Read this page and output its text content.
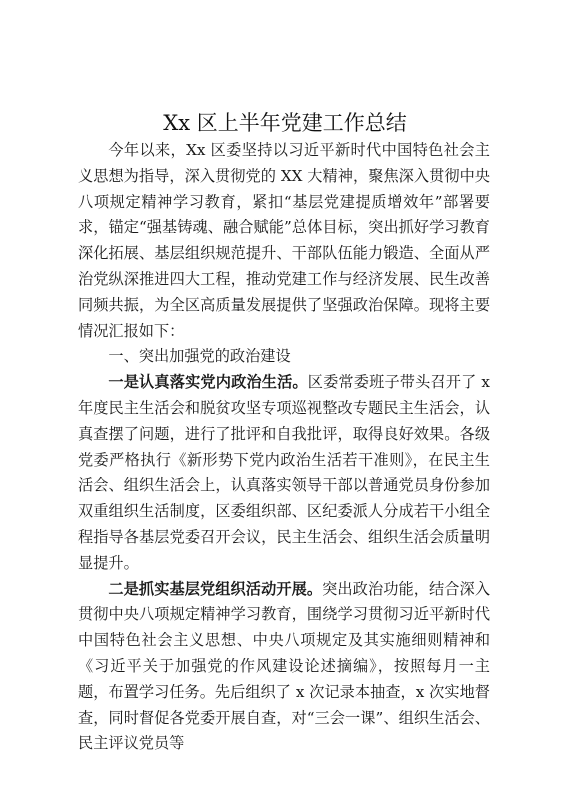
Xx 区上半年党建工作总结

今年以来，Xx 区委坚持以习近平新时代中国特色社会主义思想为指导，深入贯彻党的 XX 大精神，聚焦深入贯彻中央八项规定精神学习教育，紧扣“基层党建提质增效年”部署要求，锚定“强基铸魂、融合赋能”总体目标，突出抓好学习教育深化拓展、基层组织规范提升、干部队伍能力锻造、全面从严治党纵深推进四大工程，推动党建工作与经济发展、民生改善同频共振，为全区高质量发展提供了坚强政治保障。现将主要情况汇报如下：

一、突出加强党的政治建设

一是认真落实党内政治生活。区委常委班子带头召开了 x 年度民主生活会和脱贫攻坚专项巡视整改专题民主生活会，认真查摆了问题，进行了批评和自我批评，取得良好效果。各级党委严格执行《新形势下党内政治生活若干准则》，在民主生活会、组织生活会上，认真落实领导干部以普通党员身份参加双重组织生活制度，区委组织部、区纪委派人分成若干小组全程指导各基层党委召开会议，民主生活会、组织生活会质量明显提升。

二是抓实基层党组织活动开展。突出政治功能，结合深入贯彻中央八项规定精神学习教育，围绕学习贯彻习近平新时代中国特色社会主义思想、中央八项规定及其实施细则精神和《习近平关于加强党的作风建设论述摘编》，按照每月一主题，布置学习任务。先后组织了 x 次记录本抽查，x 次实地督查，同时督促各党委开展自查，对“三会一课”、组织生活会、民主评议党员等
